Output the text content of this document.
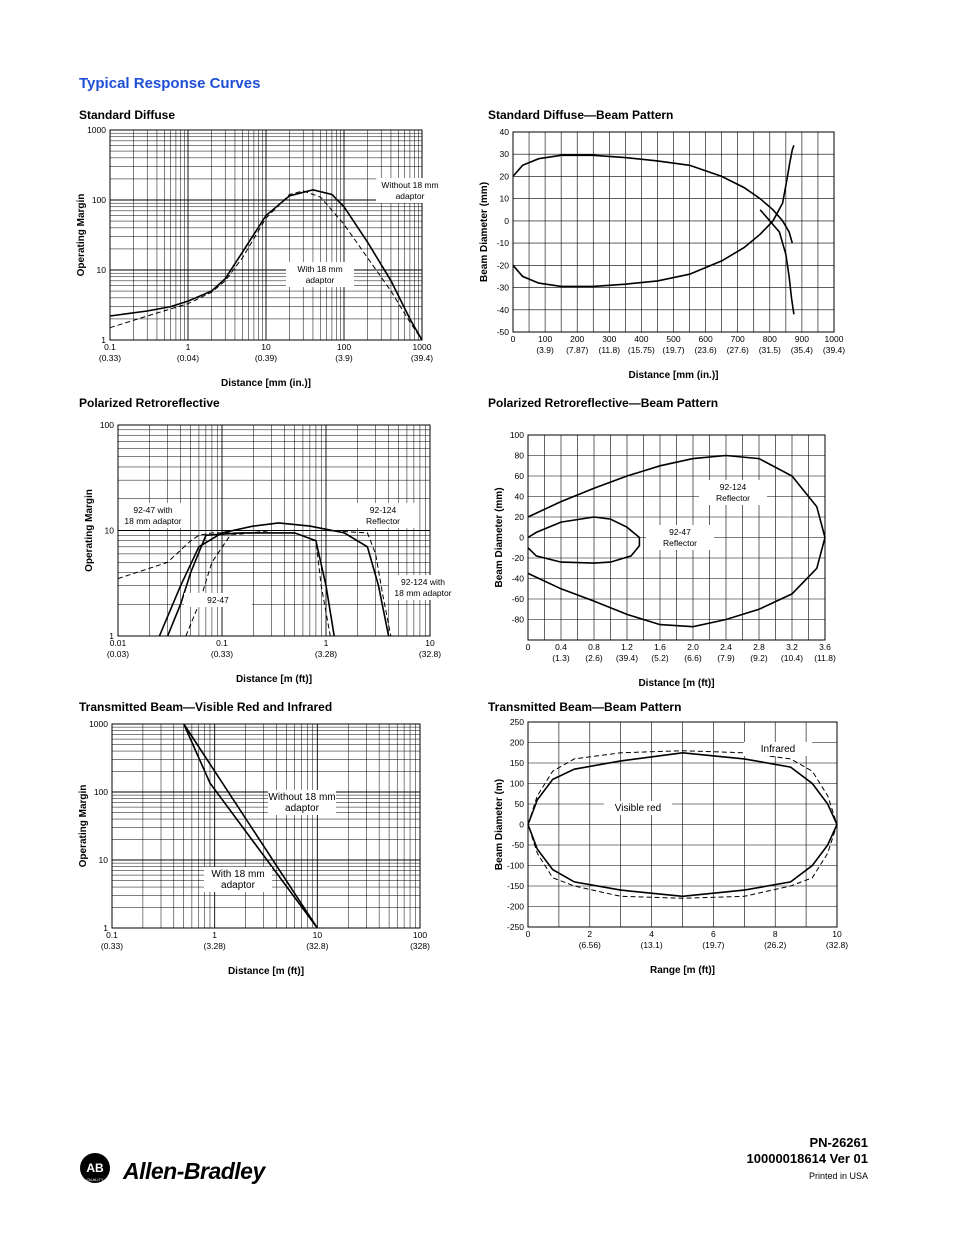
Typical Response Curves
Standard Diffuse
0.1
(0.33)
1
(0.04)
10
(0.39)
100
(3.9)
1000
(39.4)
1
10
100
1000
Distance [mm (in.)]
Operating Margin
Without 18 mm adaptor
With 18 mm adaptor
Standard Diffuse—Beam Pattern
0	100
(3.9)
200
(7.87)
300
(11.8)
400
(15.75)
500
(19.7)
600
(23.6)
700
(27.6)
800
(31.5)
900
(35.4)
1000
(39.4)
-50
-40
-30
-20
-10
0
10
20
30
40
Distance [mm (in.)]
Beam Diameter (mm)
Polarized Retroreflective
0.01
(0.03)
0.1
(0.33)
1
(3.28)
10
(32.8)
1
10
100
Distance [m (ft)]
Operating Margin	92-47 with 18 mm adaptor
92-47
92-124 Reflector
92-124 with 18 mm adaptor
Polarized Retroreflective—Beam Pattern
0	0.4
(1.3)
0.8
(2.6)
1.2
(39.4)
1.6
(5.2)
2.0
(6.6)
2.4
(7.9)
2.8
(9.2)
3.2
(10.4)
3.6
(11.8)
-80
-60
-40
-20
0
20
40
60
80
100
Distance [m (ft)]
Beam Diameter (mm)
92-124 Reflector
92-47 Reflector
Transmitted Beam—Visible Red and Infrared
0.1
(0.33)
1
(3.28)
10
(32.8)
100
(328)
1
10
100
1000
Distance [m (ft)]
Operating Margin	Without 18 mm adaptor
With 18 mm adaptor
Transmitted Beam—Beam Pattern
0	2
(6.56)
4
(13.1)
6
(19.7)
8
(26.2)
10
(32.8)
-250
-200
-150
-100
-50
0
50
100
150
200
250
Range [m (ft)]
Beam Diameter (m)
Infrared
Visible red
AB
QUALITY Allen-Bradley
PN-26261
10000018614 Ver 01
Printed in USA
